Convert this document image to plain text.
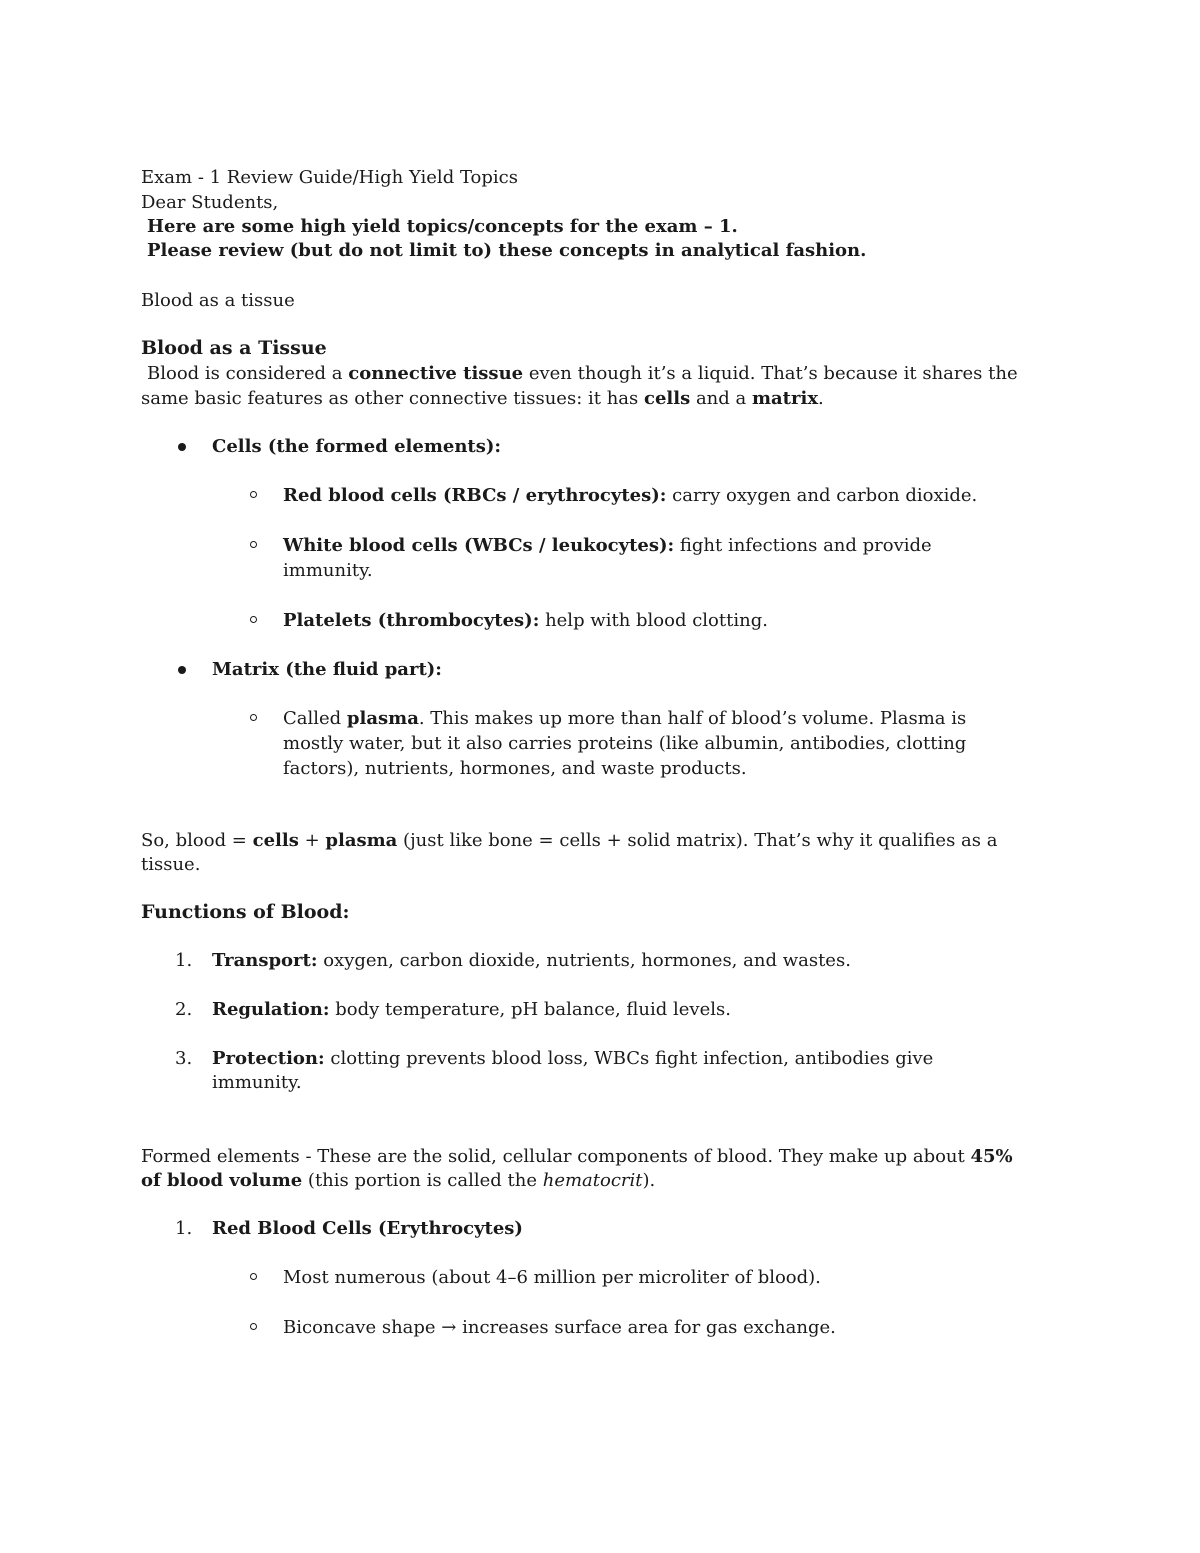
Exam - 1 Review Guide/High Yield Topics

Dear Students,

Here are some high yield topics/concepts for the exam – 1.

Please review (but do not limit to) these concepts in analytical fashion.

Blood as a tissue

Blood as a Tissue

Blood is considered a connective tissue even though it’s a liquid. That’s because it shares the

same basic features as other connective tissues: it has cells and a matrix.

Cells (the formed elements):

Red blood cells (RBCs / erythrocytes): carry oxygen and carbon dioxide.

White blood cells (WBCs / leukocytes): fight infections and provide

immunity.

Platelets (thrombocytes): help with blood clotting.

Matrix (the fluid part):

Called plasma. This makes up more than half of blood’s volume. Plasma is

mostly water, but it also carries proteins (like albumin, antibodies, clotting

factors), nutrients, hormones, and waste products.

So, blood = cells + plasma (just like bone = cells + solid matrix). That’s why it qualifies as a

tissue.

Functions of Blood:

1. Transport: oxygen, carbon dioxide, nutrients, hormones, and wastes.

2. Regulation: body temperature, pH balance, fluid levels.

3. Protection: clotting prevents blood loss, WBCs fight infection, antibodies give

immunity.

Formed elements - These are the solid, cellular components of blood. They make up about 45%

of blood volume (this portion is called the hematocrit).

1. Red Blood Cells (Erythrocytes)

Most numerous (about 4–6 million per microliter of blood).

Biconcave shape → increases surface area for gas exchange.
